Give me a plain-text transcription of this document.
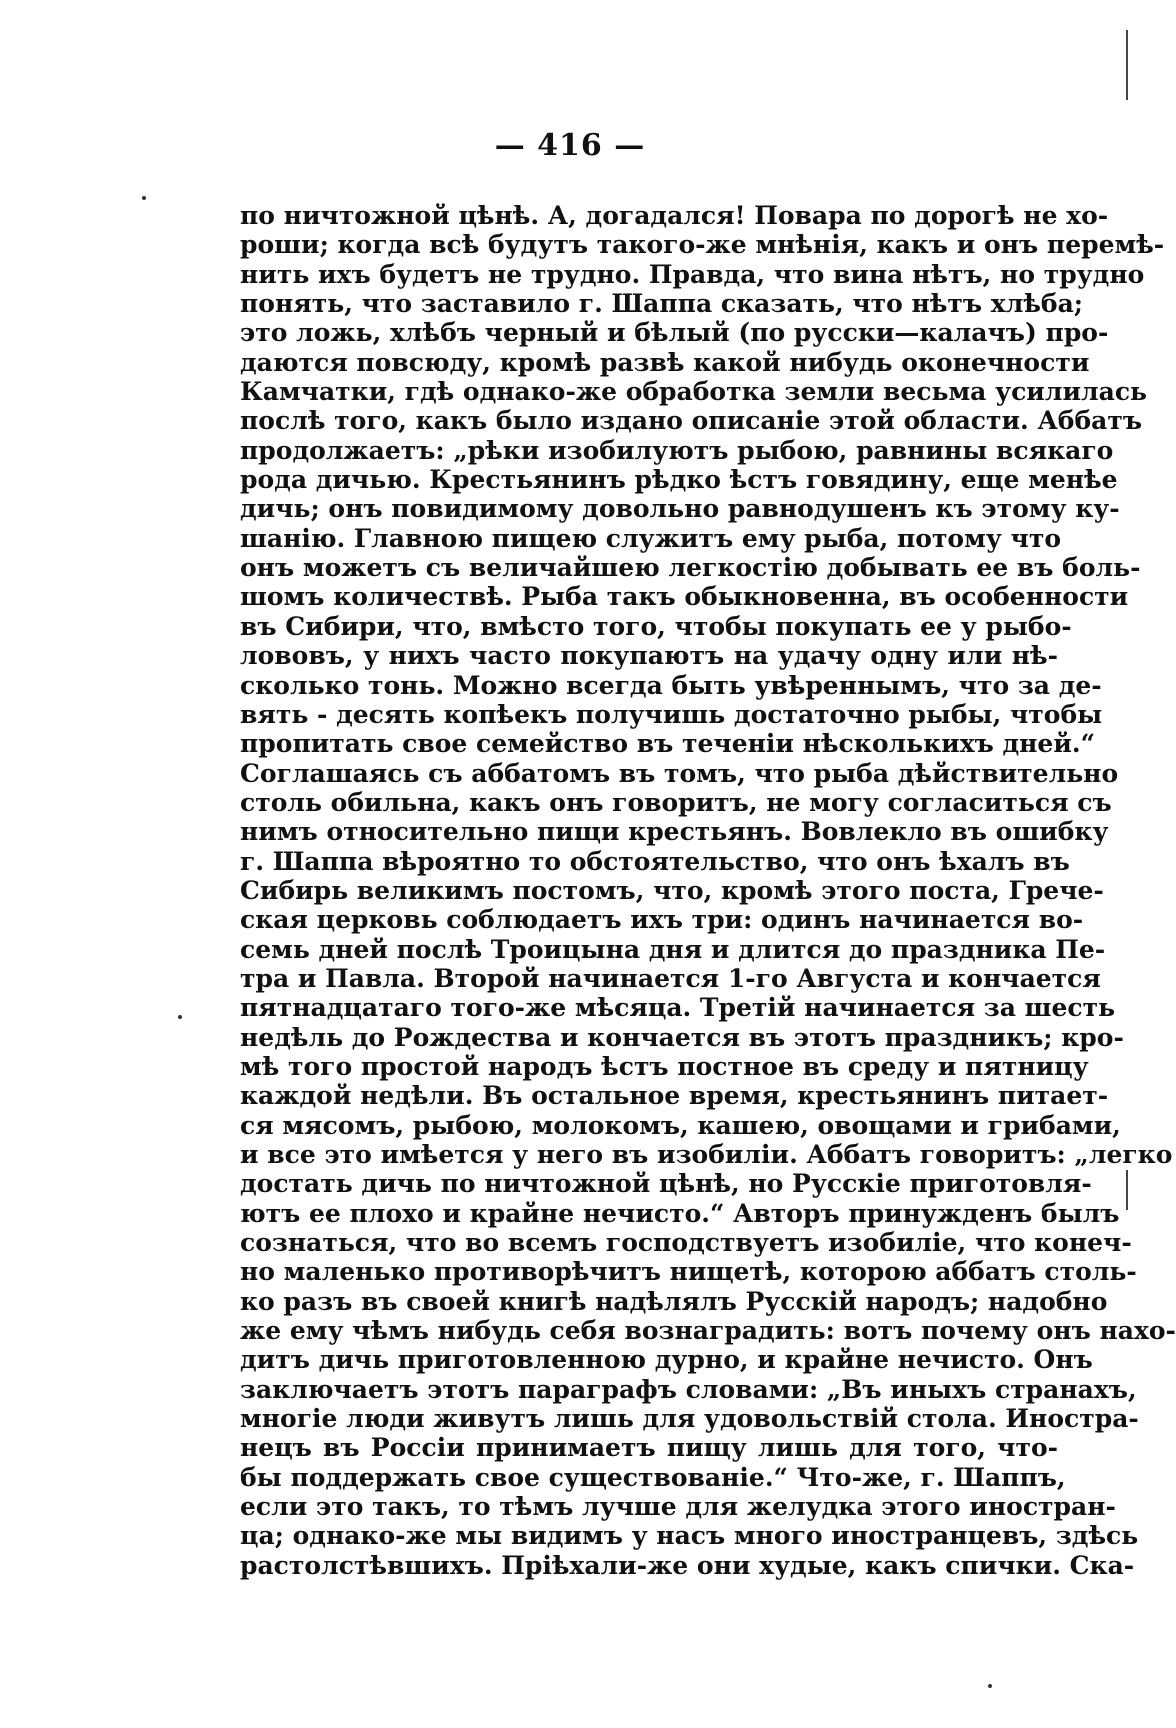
— 416 —
по ничтожной цѣнѣ. А, догадался! Повара по дорогѣ не хо-
роши; когда всѣ будутъ такого-же мнѣнія, какъ и онъ перемѣ-
нить ихъ будетъ не трудно. Правда, что вина нѣтъ, но трудно
понять, что заставило г. Шаппа сказать, что нѣтъ хлѣба;
это ложь, хлѣбъ черный и бѣлый (по русски—калачъ) про-
даются повсюду, кромѣ развѣ какой нибудь оконечности
Камчатки, гдѣ однако-же обработка земли весьма усилилась
послѣ того, какъ было издано описаніе этой области. Аббатъ
продолжаетъ: „рѣки изобилуютъ рыбою, равнины всякаго
рода дичью. Крестьянинъ рѣдко ѣстъ говядину, еще менѣе
дичь; онъ повидимому довольно равнодушенъ къ этому ку-
шанію. Главною пищею служитъ ему рыба, потому что
онъ можетъ съ величайшею легкостію добывать ее въ боль-
шомъ количествѣ. Рыба такъ обыкновенна, въ особенности
въ Сибири, что, вмѣсто того, чтобы покупать ее у рыбо-
лововъ, у нихъ часто покупаютъ на удачу одну или нѣ-
сколько тонь. Можно всегда быть увѣреннымъ, что за де-
вять - десять копѣекъ получишь достаточно рыбы, чтобы
пропитать свое семейство въ теченіи нѣсколькихъ дней.“
Соглашаясь съ аббатомъ въ томъ, что рыба дѣйствительно
столь обильна, какъ онъ говоритъ, не могу согласиться съ
нимъ относительно пищи крестьянъ. Вовлекло въ ошибку
г. Шаппа вѣроятно то обстоятельство, что онъ ѣхалъ въ
Сибирь великимъ постомъ, что, кромѣ этого поста, Грече-
ская церковь соблюдаетъ ихъ три: одинъ начинается во-
семь дней послѣ Троицына дня и длится до праздника Пе-
тра и Павла. Второй начинается 1-го Августа и кончается
пятнадцатаго того-же мѣсяца. Третій начинается за шесть
недѣль до Рождества и кончается въ этотъ праздникъ; кро-
мѣ того простой народъ ѣстъ постное въ среду и пятницу
каждой недѣли. Въ остальное время, крестьянинъ питает-
ся мясомъ, рыбою, молокомъ, кашею, овощами и грибами,
и все это имѣется у него въ изобиліи. Аббатъ говоритъ: „легко
достать дичь по ничтожной цѣнѣ, но Русскіе приготовля-
ютъ ее плохо и крайне нечисто.“ Авторъ принужденъ былъ
сознаться, что во всемъ господствуетъ изобиліе, что конеч-
но маленько противорѣчитъ нищетѣ, которою аббатъ столь-
ко разъ въ своей книгѣ надѣлялъ Русскій народъ; надобно
же ему чѣмъ нибудь себя вознаградить: вотъ почему онъ нахо-
дитъ дичь приготовленною дурно, и крайне нечисто. Онъ
заключаетъ этотъ параграфъ словами: „Въ иныхъ странахъ,
многіе люди живутъ лишь для удовольствій стола. Иностра-
нецъ въ Россіи принимаетъ пищу лишь для того, что-
бы поддержать свое существованіе.“ Что-же, г. Шаппъ,
если это такъ, то тѣмъ лучше для желудка этого иностран-
ца; однако-же мы видимъ у насъ много иностранцевъ, здѣсь
растолстѣвшихъ. Пріѣхали-же они худые, какъ спички. Ска-
